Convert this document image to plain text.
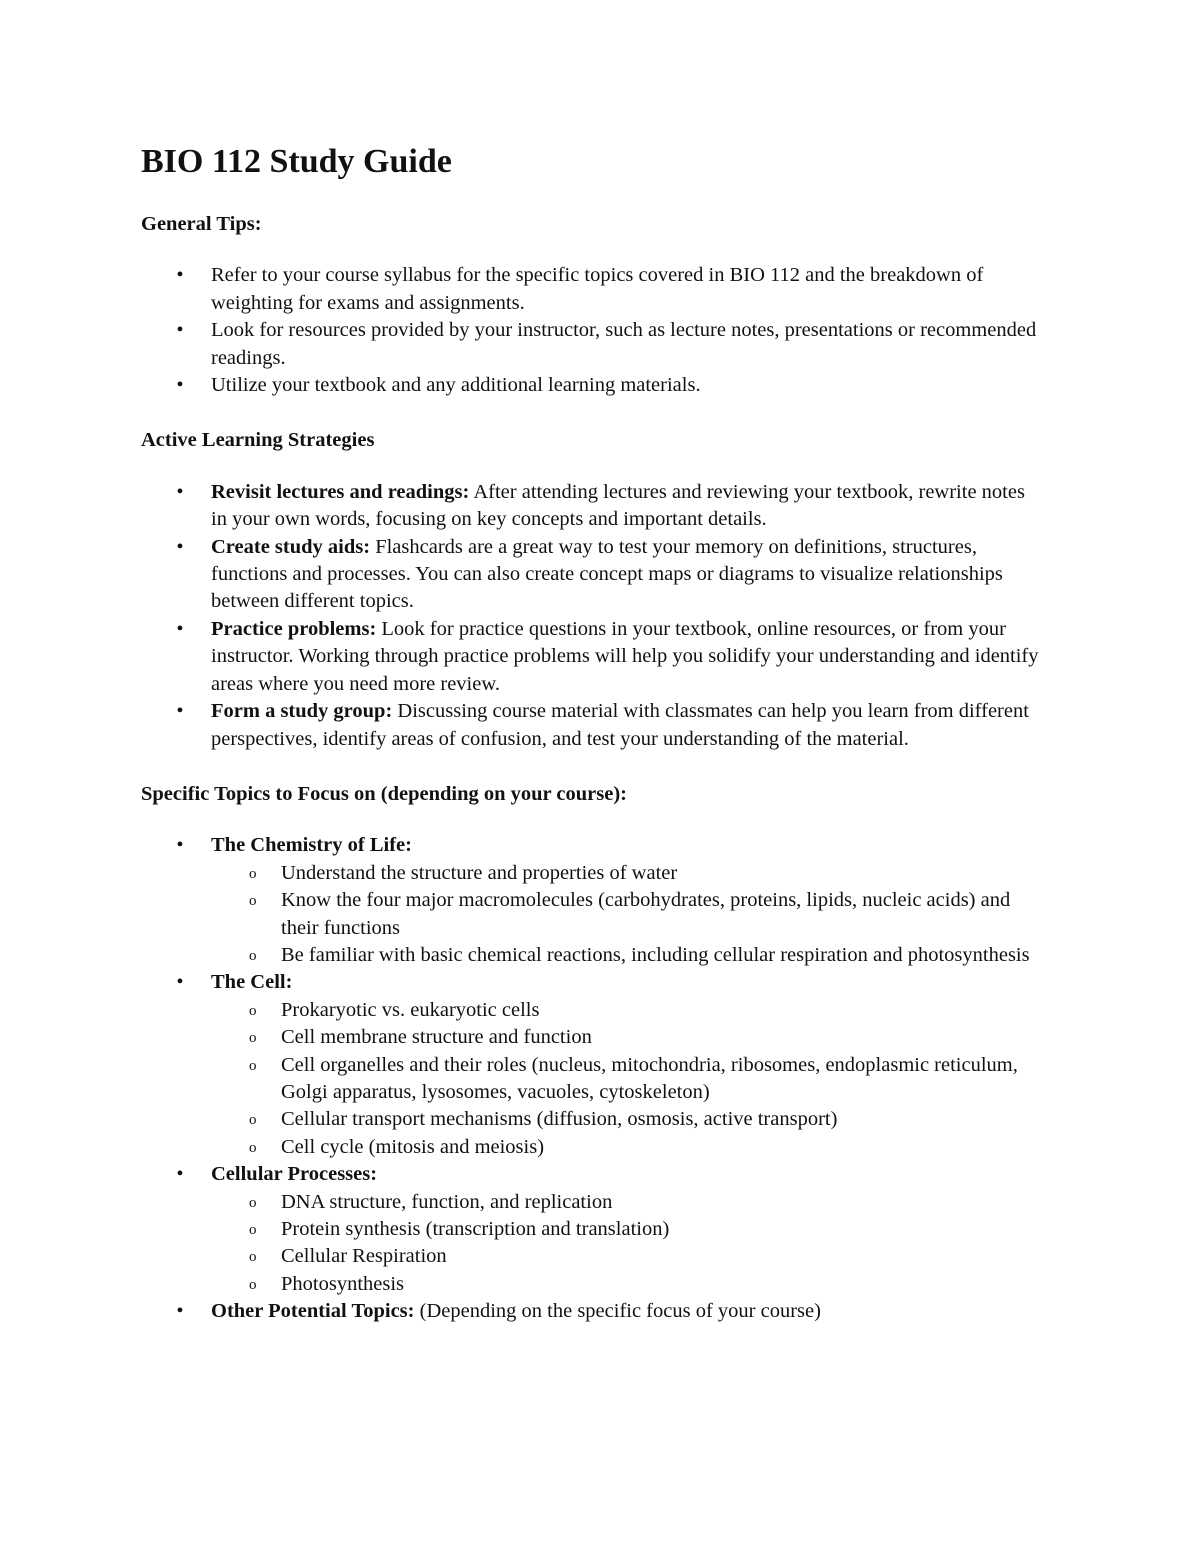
BIO 112 Study Guide

General Tips:

• Refer to your course syllabus for the specific topics covered in BIO 112 and the breakdown of weighting for exams and assignments.
• Look for resources provided by your instructor, such as lecture notes, presentations or recommended readings.
• Utilize your textbook and any additional learning materials.

Active Learning Strategies

• Revisit lectures and readings: After attending lectures and reviewing your textbook, rewrite notes in your own words, focusing on key concepts and important details.
• Create study aids: Flashcards are a great way to test your memory on definitions, structures, functions and processes. You can also create concept maps or diagrams to visualize relationships between different topics.
• Practice problems: Look for practice questions in your textbook, online resources, or from your instructor. Working through practice problems will help you solidify your understanding and identify areas where you need more review.
• Form a study group: Discussing course material with classmates can help you learn from different perspectives, identify areas of confusion, and test your understanding of the material.

Specific Topics to Focus on (depending on your course):

• The Chemistry of Life:
o Understand the structure and properties of water
o Know the four major macromolecules (carbohydrates, proteins, lipids, nucleic acids) and their functions
o Be familiar with basic chemical reactions, including cellular respiration and photosynthesis
• The Cell:
o Prokaryotic vs. eukaryotic cells
o Cell membrane structure and function
o Cell organelles and their roles (nucleus, mitochondria, ribosomes, endoplasmic reticulum, Golgi apparatus, lysosomes, vacuoles, cytoskeleton)
o Cellular transport mechanisms (diffusion, osmosis, active transport)
o Cell cycle (mitosis and meiosis)
• Cellular Processes:
o DNA structure, function, and replication
o Protein synthesis (transcription and translation)
o Cellular Respiration
o Photosynthesis
• Other Potential Topics: (Depending on the specific focus of your course)
